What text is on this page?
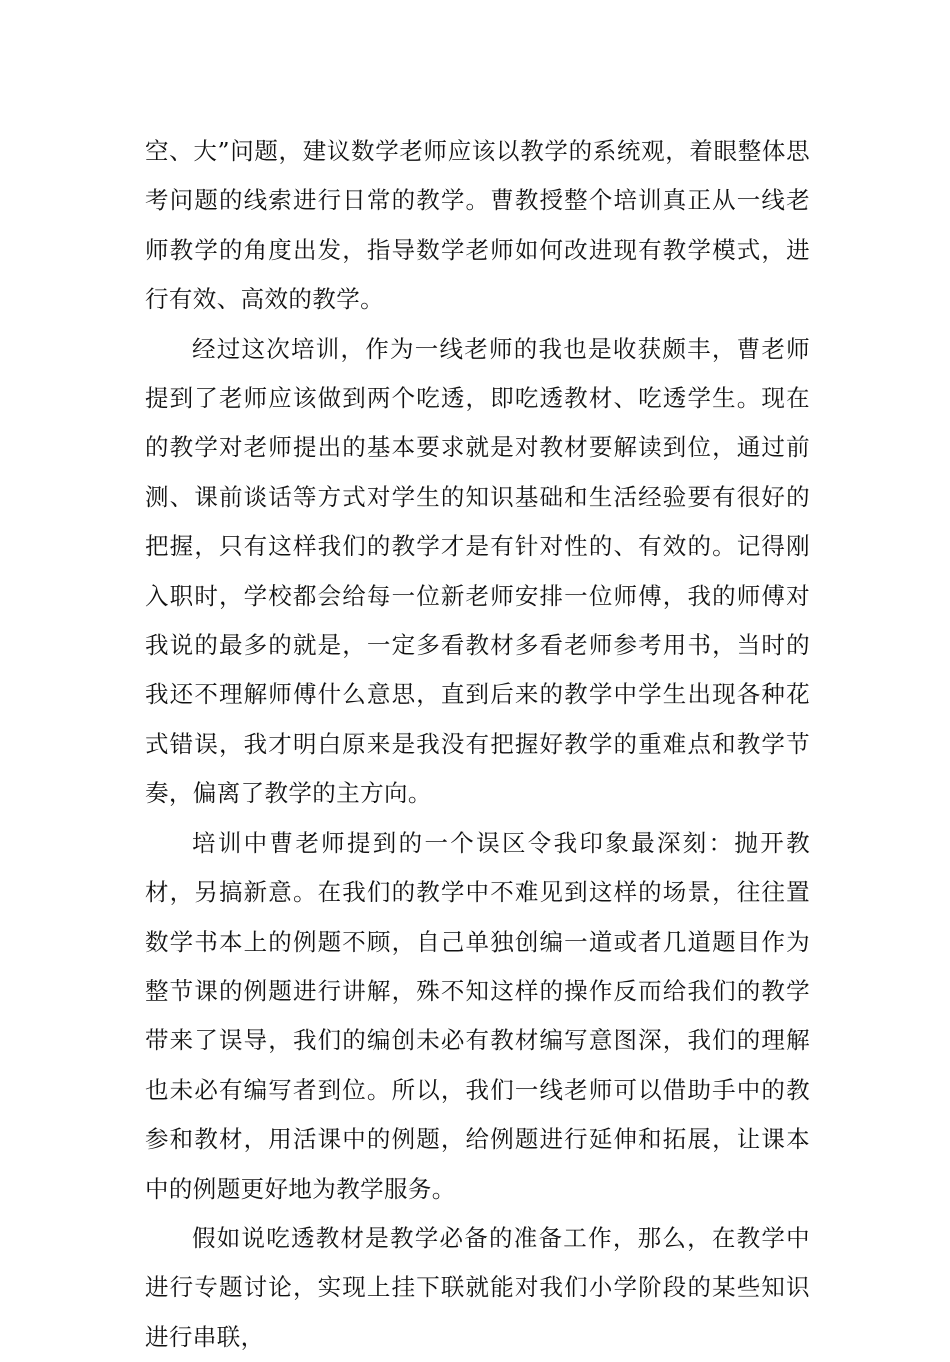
空、大”问题，建议数学老师应该以教学的系统观，着眼整体思考问题的线索进行日常的教学。曹教授整个培训真正从一线老师教学的角度出发，指导数学老师如何改进现有教学模式，进行有效、高效的教学。

经过这次培训，作为一线老师的我也是收获颇丰，曹老师提到了老师应该做到两个吃透，即吃透教材、吃透学生。现在的教学对老师提出的基本要求就是对教材要解读到位，通过前测、课前谈话等方式对学生的知识基础和生活经验要有很好的把握，只有这样我们的教学才是有针对性的、有效的。记得刚入职时，学校都会给每一位新老师安排一位师傅，我的师傅对我说的最多的就是，一定多看教材多看老师参考用书，当时的我还不理解师傅什么意思，直到后来的教学中学生出现各种花式错误，我才明白原来是我没有把握好教学的重难点和教学节奏，偏离了教学的主方向。

培训中曹老师提到的一个误区令我印象最深刻：抛开教材，另搞新意。在我们的教学中不难见到这样的场景，往往置数学书本上的例题不顾，自己单独创编一道或者几道题目作为整节课的例题进行讲解，殊不知这样的操作反而给我们的教学带来了误导，我们的编创未必有教材编写意图深，我们的理解也未必有编写者到位。所以，我们一线老师可以借助手中的教参和教材，用活课中的例题，给例题进行延伸和拓展，让课本中的例题更好地为教学服务。

假如说吃透教材是教学必备的准备工作，那么，在教学中进行专题讨论，实现上挂下联就能对我们小学阶段的某些知识进行串联，
